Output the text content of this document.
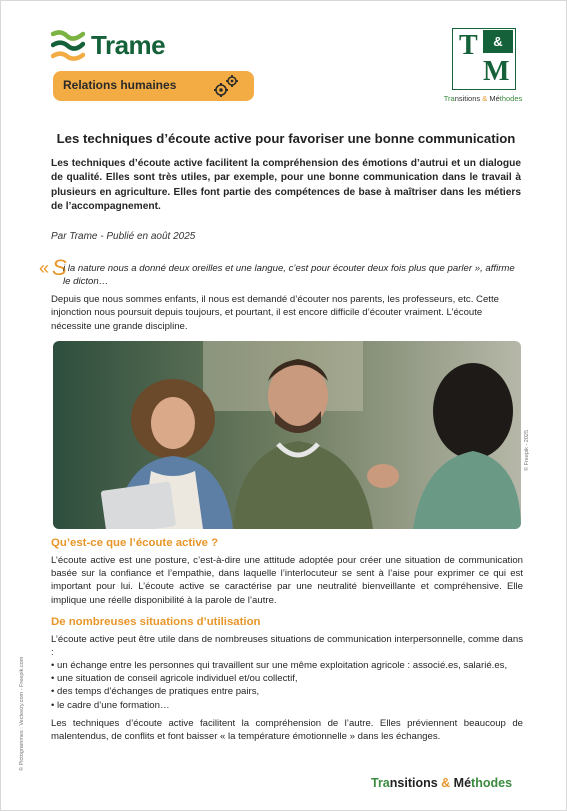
Trame
Relations humaines
T	&
M
Transitions & Méthodes
Les techniques d’écoute active pour favoriser une bonne communication

Les techniques d’écoute active facilitent la compréhension des émotions d’autrui et un dialogue de qualité. Elles sont très utiles, par exemple, pour une bonne communication dans le travail à plusieurs en agriculture. Elles font partie des compétences de base à maîtriser dans les métiers de l’accompagnement.

Par Trame - Publié en août 2025

« S

i la nature nous a donné deux oreilles et une langue, c’est pour écouter deux fois plus que parler », affirme le dicton…

Depuis que nous sommes enfants, il nous est demandé d’écouter nos parents, les professeurs, etc. Cette injonction nous poursuit depuis toujours, et pourtant, il est encore difficile d’écouter vraiment. L’écoute nécessite une grande discipline.

© Freepik - 2025
Qu’est-ce que l’écoute active ?

L’écoute active est une posture, c’est-à-dire une attitude adoptée pour créer une situation de communication basée sur la confiance et l’empathie, dans laquelle l’interlocuteur se sent à l’aise pour exprimer ce qui est important pour lui. L’écoute active se caractérise par une neutralité bienveillante et compréhensive. Elle implique une réelle disponibilité à la parole de l’autre.

De nombreuses situations d’utilisation

L’écoute active peut être utile dans de nombreuses situations de communication interpersonnelle, comme dans :

• un échange entre les personnes qui travaillent sur une même exploitation agricole : associé.es, salarié.es,
• une situation de conseil agricole individuel et/ou collectif,
• des temps d’échanges de pratiques entre pairs,
• le cadre d’une formation…

Les techniques d’écoute active facilitent la compréhension de l’autre. Elles préviennent beaucoup de malentendus, de conflits et font baisser « la température émotionnelle » dans les échanges.

© Pictogrammes : Vecteezy.com - Freepik.com
Transitions & Méthodes
